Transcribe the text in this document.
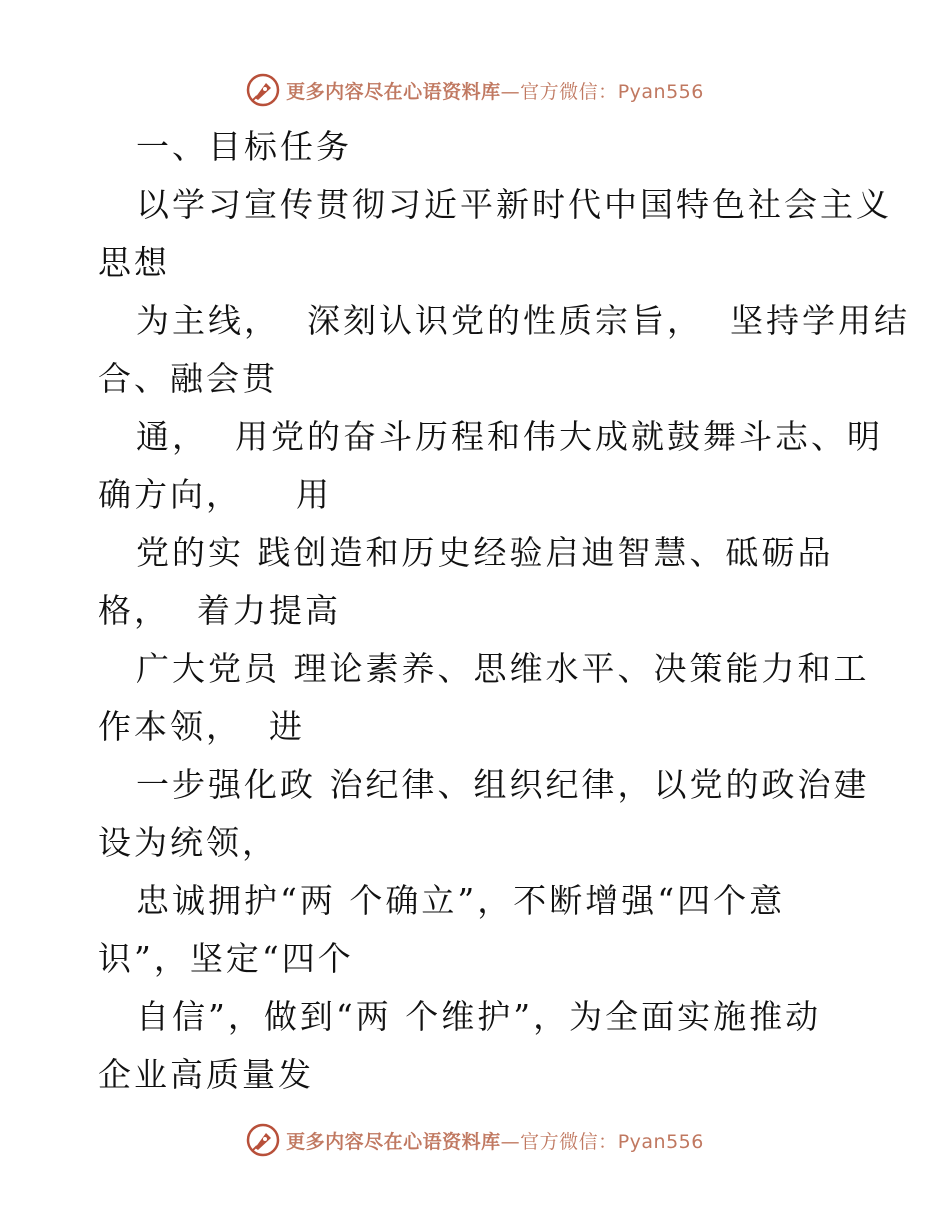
更多内容尽在心语资料库—官方微信：Pyan556
一、目标任务
以学习宣传贯彻习近平新时代中国特色社会主义
思想
为主线，  深刻认识党的性质宗旨，  坚持学用结
合、融会贯
通，  用党的奋斗历程和伟大成就鼓舞斗志、明
确方向，    用
党的实 践创造和历史经验启迪智慧、砥砺品
格，  着力提高
广大党员 理论素养、思维水平、决策能力和工
作本领，  进
一步强化政 治纪律、组织纪律，以党的政治建
设为统领，
忠诚拥护“两 个确立”，不断增强“四个意
识”，坚定“四个
自信”，做到“两 个维护”，为全面实施推动
企业高质量发
更多内容尽在心语资料库—官方微信：Pyan556
